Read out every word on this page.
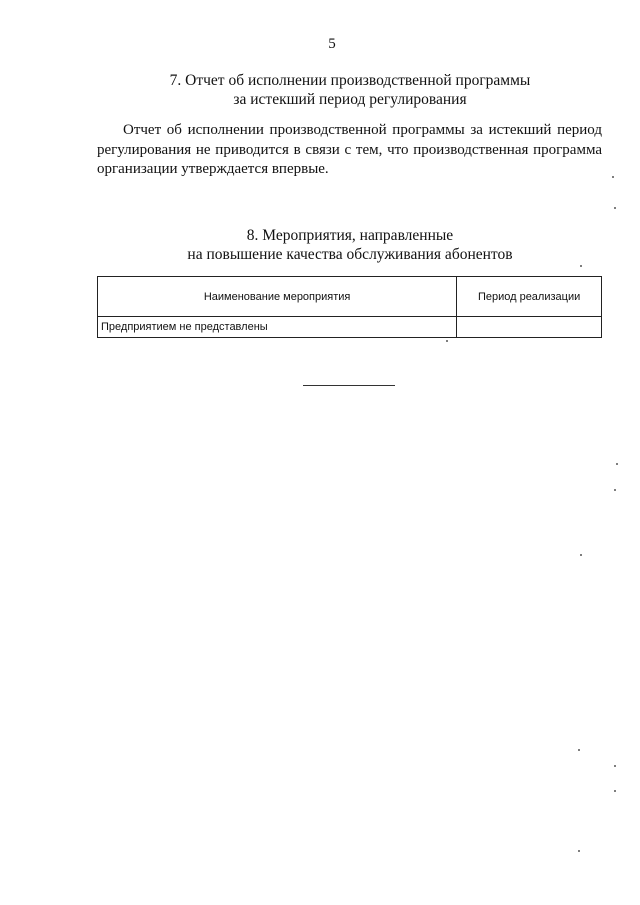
5
7. Отчет об исполнении производственной программы
за истекший период регулирования

Отчет об исполнении производственной программы за истекший период регулирования не приводится в связи с тем, что производственная программа организации утверждается впервые.

8. Мероприятия, направленные
на повышение качества обслуживания абонентов
Наименование мероприятия	Период реализации
Предприятием не представлены	
